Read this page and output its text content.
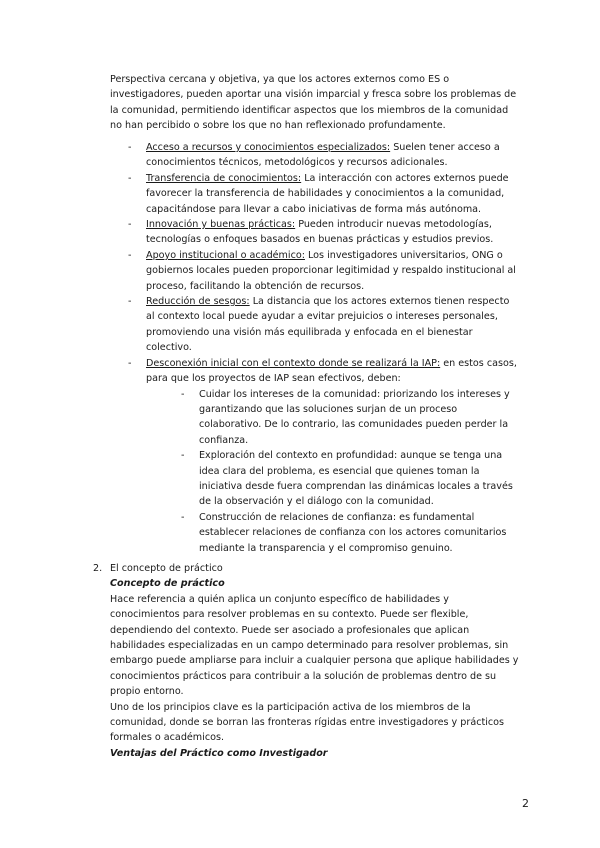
Perspectiva cercana y objetiva, ya que los actores externos como ES o investigadores, pueden aportar una visión imparcial y fresca sobre los problemas de la comunidad, permitiendo identificar aspectos que los miembros de la comunidad no han percibido o sobre los que no han reflexionado profundamente.

- Acceso a recursos y conocimientos especializados: Suelen tener acceso a conocimientos técnicos, metodológicos y recursos adicionales.
- Transferencia de conocimientos: La interacción con actores externos puede favorecer la transferencia de habilidades y conocimientos a la comunidad, capacitándose para llevar a cabo iniciativas de forma más autónoma.
- Innovación y buenas prácticas: Pueden introducir nuevas metodologías, tecnologías o enfoques basados en buenas prácticas y estudios previos.
- Apoyo institucional o académico: Los investigadores universitarios, ONG o gobiernos locales pueden proporcionar legitimidad y respaldo institucional al proceso, facilitando la obtención de recursos.
- Reducción de sesgos: La distancia que los actores externos tienen respecto al contexto local puede ayudar a evitar prejuicios o intereses personales, promoviendo una visión más equilibrada y enfocada en el bienestar colectivo.
- Desconexión inicial con el contexto donde se realizará la IAP: en estos casos, para que los proyectos de IAP sean efectivos, deben:
- Cuidar los intereses de la comunidad: priorizando los intereses y garantizando que las soluciones surjan de un proceso colaborativo. De lo contrario, las comunidades pueden perder la confianza.
- Exploración del contexto en profundidad: aunque se tenga una idea clara del problema, es esencial que quienes toman la iniciativa desde fuera comprendan las dinámicas locales a través de la observación y el diálogo con la comunidad.
- Construcción de relaciones de confianza: es fundamental establecer relaciones de confianza con los actores comunitarios mediante la transparencia y el compromiso genuino.
2. El concepto de práctico
Concepto de práctico
Hace referencia a quién aplica un conjunto específico de habilidades y conocimientos para resolver problemas en su contexto. Puede ser flexible, dependiendo del contexto. Puede ser asociado a profesionales que aplican habilidades especializadas en un campo determinado para resolver problemas, sin embargo puede ampliarse para incluir a cualquier persona que aplique habilidades y conocimientos prácticos para contribuir a la solución de problemas dentro de su propio entorno.
Uno de los principios clave es la participación activa de los miembros de la comunidad, donde se borran las fronteras rígidas entre investigadores y prácticos formales o académicos.
Ventajas del Práctico como Investigador
2
